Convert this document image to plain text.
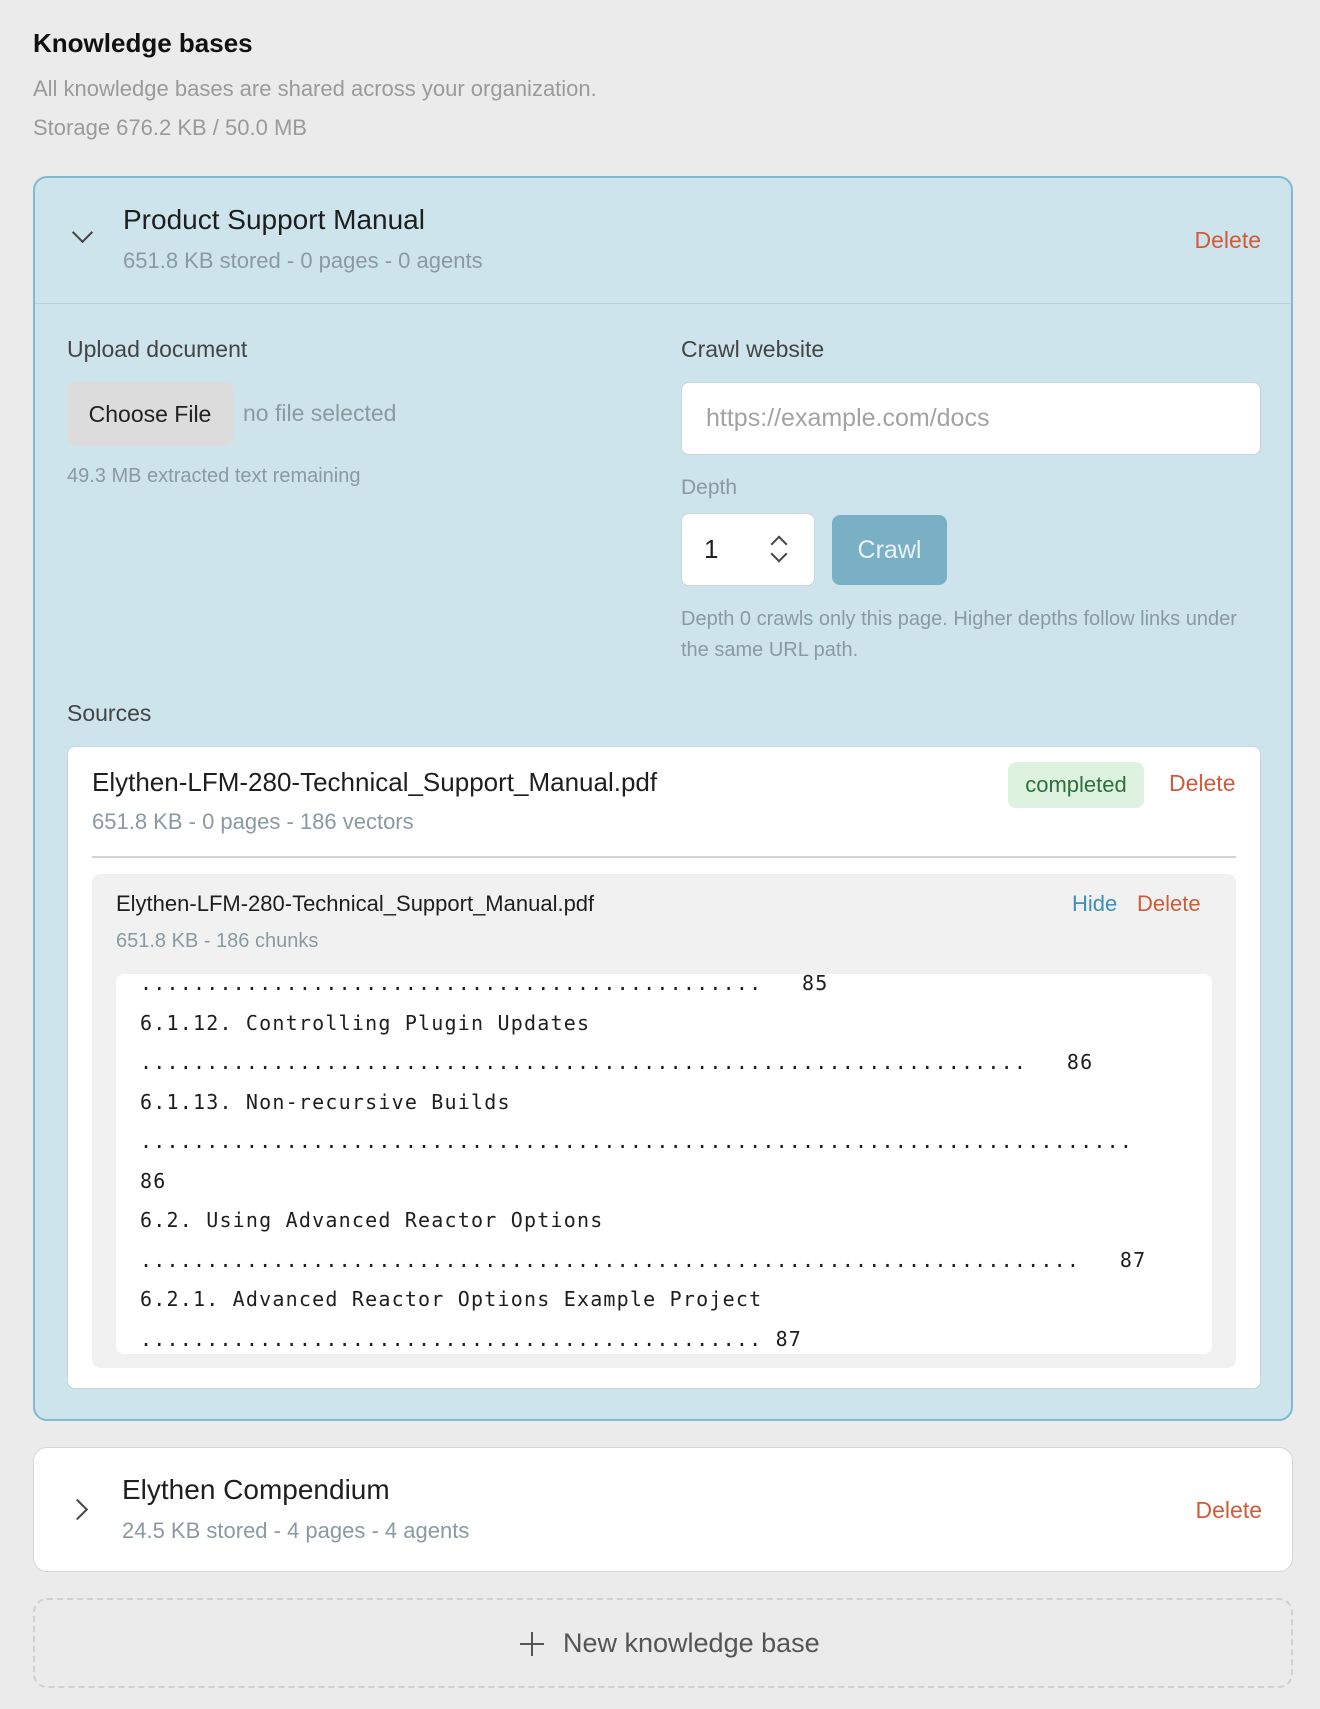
Knowledge bases
All knowledge bases are shared across your organization.
Storage 676.2 KB / 50.0 MB
Product Support Manual
651.8 KB stored - 0 pages - 0 agents
Delete
Upload document
Choose File	no file selected
49.3 MB extracted text remaining
Crawl website
https://example.com/docs
Depth
1	Crawl
Depth 0 crawls only this page. Higher depths follow links under the same URL path.
Sources
Elythen-LFM-280-Technical_Support_Manual.pdf
651.8 KB - 0 pages - 186 vectors
completed	Delete
Elythen-LFM-280-Technical_Support_Manual.pdf
651.8 KB - 186 chunks
Hide Delete
...............................................   85
6.1.12. Controlling Plugin Updates
...................................................................   86
6.1.13. Non-recursive Builds
...........................................................................
86
6.2. Using Advanced Reactor Options
.......................................................................   87
6.2.1. Advanced Reactor Options Example Project
............................................... 87
Elythen Compendium
24.5 KB stored - 4 pages - 4 agents
Delete
New knowledge base
